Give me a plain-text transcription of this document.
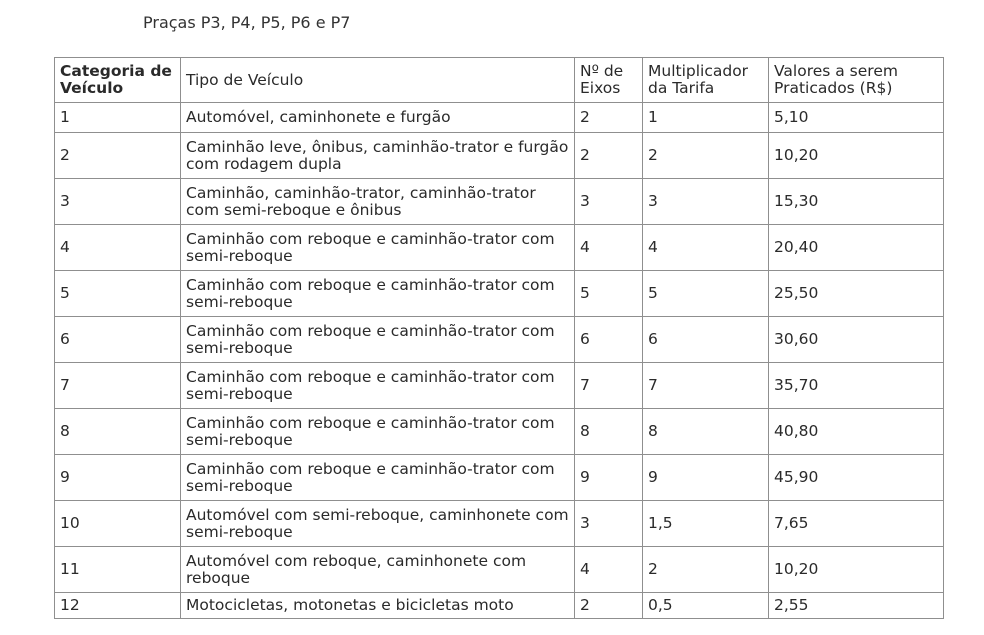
Praças P3, P4, P5, P6 e P7
Categoria de Veículo	Tipo de Veículo	Nº de Eixos	Multiplicador da Tarifa	Valores a serem Praticados (R$)
1	Automóvel, caminhonete e furgão	2	1	5,10
2	Caminhão leve, ônibus, caminhão-trator e furgão com rodagem dupla	2	2	10,20
3	Caminhão, caminhão-trator, caminhão-trator com semi-reboque e ônibus	3	3	15,30
4	Caminhão com reboque e caminhão-trator com semi-reboque	4	4	20,40
5	Caminhão com reboque e caminhão-trator com semi-reboque	5	5	25,50
6	Caminhão com reboque e caminhão-trator com semi-reboque	6	6	30,60
7	Caminhão com reboque e caminhão-trator com semi-reboque	7	7	35,70
8	Caminhão com reboque e caminhão-trator com semi-reboque	8	8	40,80
9	Caminhão com reboque e caminhão-trator com semi-reboque	9	9	45,90
10	Automóvel com semi-reboque, caminhonete com semi-reboque	3	1,5	7,65
11	Automóvel com reboque, caminhonete com reboque	4	2	10,20
12	Motocicletas, motonetas e bicicletas moto	2	0,5	2,55
